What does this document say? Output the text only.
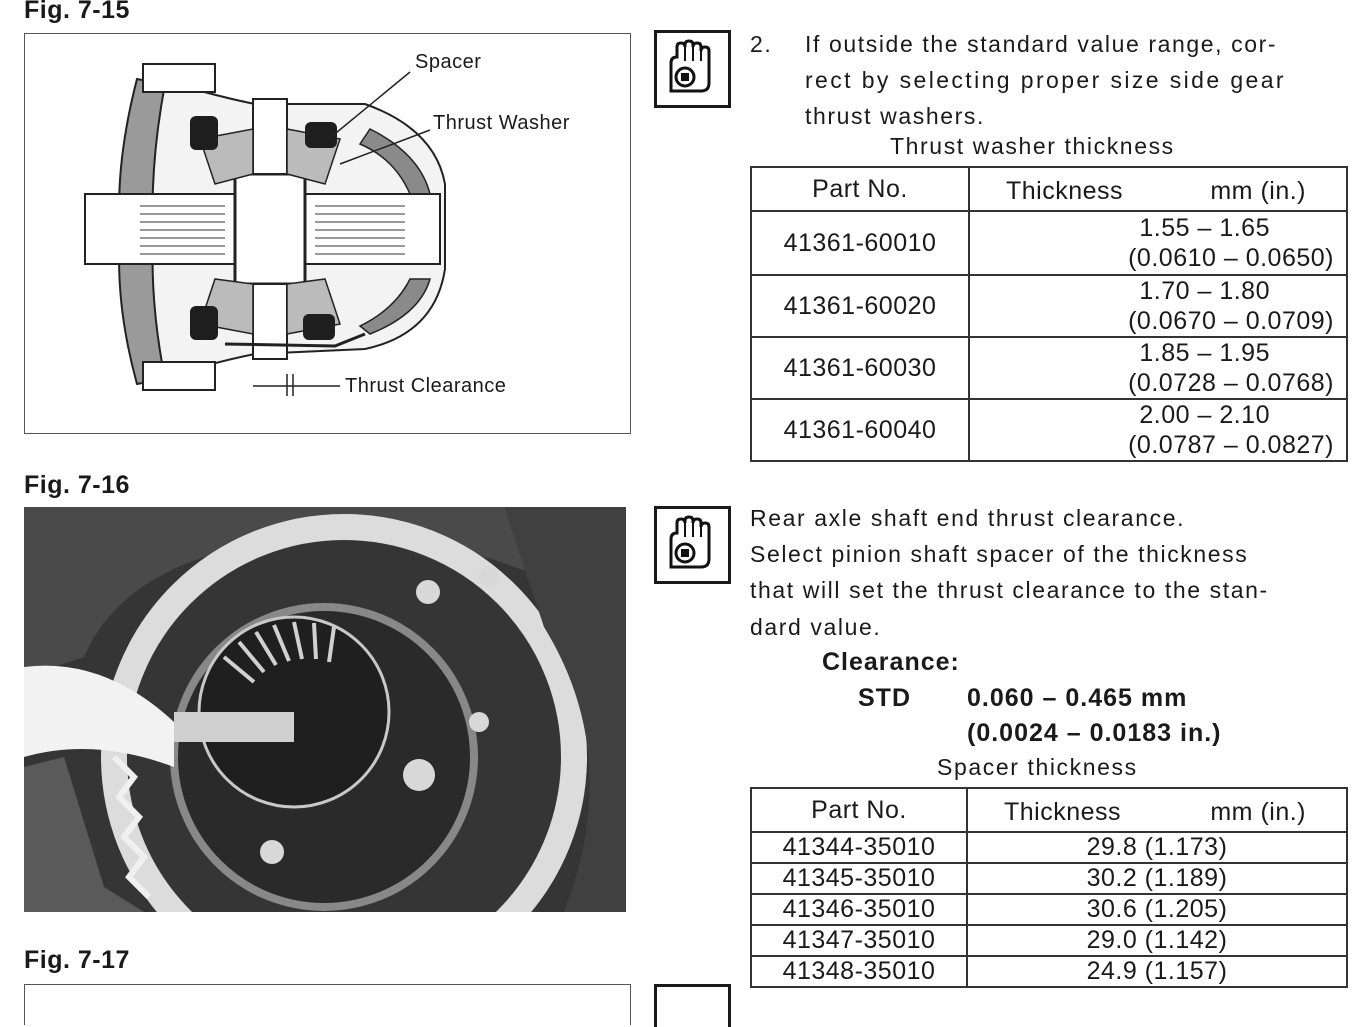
Fig. 7-15
Spacer
Thrust Washer
Thrust Clearance
Fig. 7-16
Fig. 7-17
2. If outside the standard value range, cor-
rect by selecting proper size side gear
thrust washers.
Thrust washer thickness
Part No.	Thickness mm (in.)

41361-60010	1.55 – 1.65
(0.0610 – 0.0650)

41361-60020	1.70 – 1.80
(0.0670 – 0.0709)

41361-60030	1.85 – 1.95
(0.0728 – 0.0768)

41361-60040	2.00 – 2.10
(0.0787 – 0.0827)
Rear axle shaft end thrust clearance.
Select pinion shaft spacer of the thickness
that will set the thrust clearance to the stan-
dard value.
Clearance:
STD 0.060 – 0.465 mm
(0.0024 – 0.0183 in.)
Spacer thickness
Part No.	Thickness mm (in.)

41344-35010	29.8 (1.173)
41345-35010	30.2 (1.189)
41346-35010	30.6 (1.205)
41347-35010	29.0 (1.142)
41348-35010	24.9 (1.157)
